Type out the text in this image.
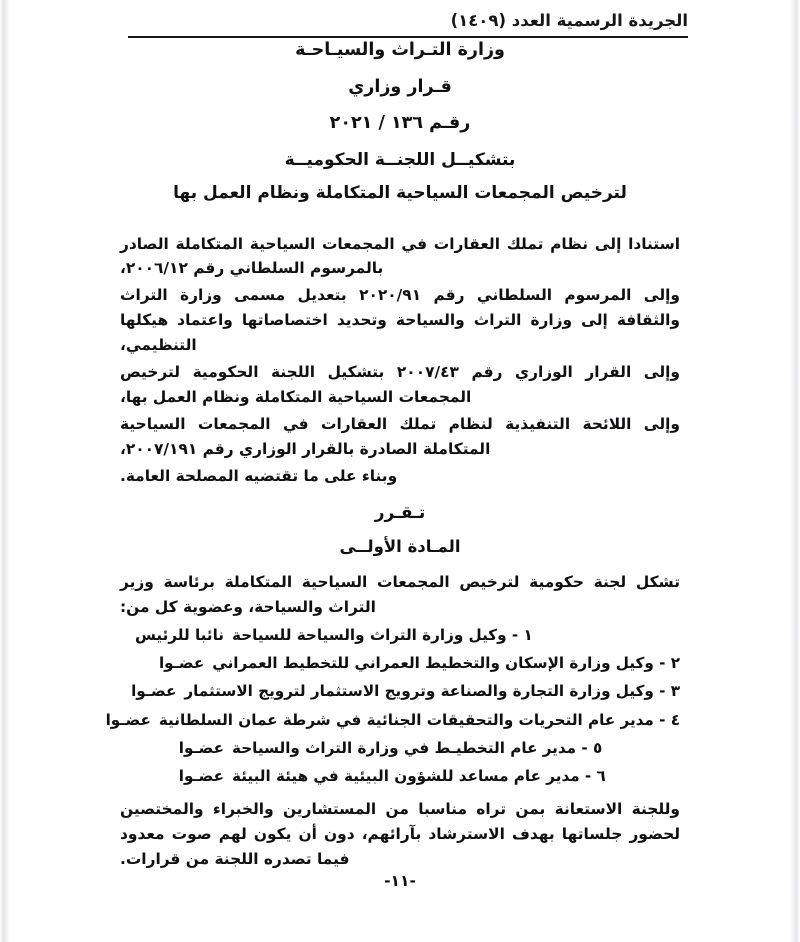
الجريدة الرسمية العدد (١٤٠٩)
وزارة التـراث والسيـاحـة
قـرار وزاري
رقـم ١٣٦ / ٢٠٢١
بتشكيــل اللجنــة الحكوميــة
لترخيص المجمعات السياحية المتكاملة ونظام العمل بها
استنادا إلى نظام تملك العقارات في المجمعات السياحية المتكاملة الصادر بالمرسوم السلطاني رقم ٢٠٠٦/١٢،
وإلى المرسوم السلطاني رقم ٢٠٢٠/٩١ بتعديل مسمى وزارة التراث والثقافة إلى وزارة التراث والسياحة وتحديد اختصاصاتها واعتماد هيكلها التنظيمي،
وإلى القرار الوزاري رقم ٢٠٠٧/٤٣ بتشكيل اللجنة الحكومية لترخيص المجمعات السياحية المتكاملة ونظام العمل بها،
وإلى اللائحة التنفيذية لنظام تملك العقارات في المجمعات السياحية المتكاملة الصادرة بالقرار الوزاري رقم ٢٠٠٧/١٩١،
وبناء على ما تقتضيه المصلحة العامة.
تـقـرر
المـادة الأولــى
تشكل لجنة حكومية لترخيص المجمعات السياحية المتكاملة برئاسة وزير التراث والسياحة، وعضوية كل من:
١ - وكيل وزارة التراث والسياحة للسياحة
نائبا للرئيس
٢ - وكيل وزارة الإسكان والتخطيط العمراني للتخطيط العمراني
عضـوا
٣ - وكيل وزارة التجارة والصناعة وترويج الاستثمار لترويج الاستثمار
عضـوا
٤ - مدير عام التحريات والتحقيقات الجنائية في شرطة عمان السلطانية
عضـوا
٥ - مدير عام التخطيـط في وزارة التراث والسياحة
عضـوا
٦ - مدير عام مساعد للشؤون البيئية في هيئة البيئة
عضـوا
وللجنة الاستعانة بمن تراه مناسبا من المستشارين والخبراء والمختصين لحضور جلساتها بهدف الاسترشاد بآرائهم، دون أن يكون لهم صوت معدود فيما تصدره اللجنة من قرارات.
-١١-
